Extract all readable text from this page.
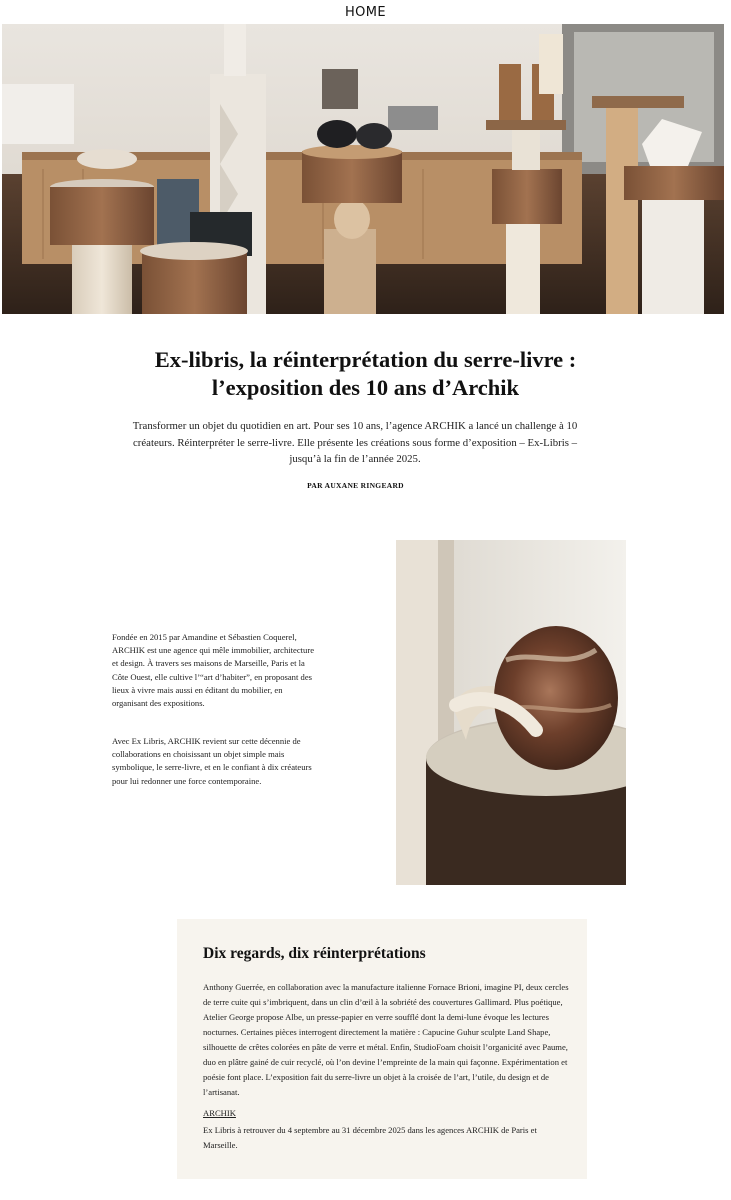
HOME
Ex-libris, la réinterprétation du serre-livre :
l’exposition des 10 ans d’Archik
Transformer un objet du quotidien en art. Pour ses 10 ans, l’agence ARCHIK a lancé un challenge à 10 créateurs. Réinterpréter le serre-livre. Elle présente les créations sous forme d’exposition – Ex-Libris – jusqu’à la fin de l’année 2025.
PAR AUXANE RINGEARD
Fondée en 2015 par Amandine et Sébastien Coquerel, ARCHIK est une agence qui mêle immobilier, architecture et design. À travers ses maisons de Marseille, Paris et la Côte Ouest, elle cultive l’“art d’habiter”, en proposant des lieux à vivre mais aussi en éditant du mobilier, en organisant des expositions.
Avec Ex Libris, ARCHIK revient sur cette décennie de collaborations en choisissant un objet simple mais symbolique, le serre-livre, et en le confiant à dix créateurs pour lui redonner une force contemporaine.
Dix regards, dix réinterprétations
Anthony Guerrée, en collaboration avec la manufacture italienne Fornace Brioni, imagine PI, deux cercles de terre cuite qui s’imbriquent, dans un clin d’œil à la sobriété des couvertures Gallimard. Plus poétique, Atelier George propose Albe, un presse-papier en verre soufflé dont la demi-lune évoque les lectures nocturnes. Certaines pièces interrogent directement la matière : Capucine Guhur sculpte Land Shape, silhouette de crêtes colorées en pâte de verre et métal. Enfin, StudioFoam choisit l’organicité avec Paume, duo en plâtre gainé de cuir recyclé, où l’on devine l’empreinte de la main qui façonne. Expérimentation et poésie font place. L’exposition fait du serre-livre un objet à la croisée de l’art, l’utile, du design et de l’artisanat.
ARCHIK
Ex Libris à retrouver du 4 septembre au 31 décembre 2025 dans les agences ARCHIK de Paris et Marseille.
